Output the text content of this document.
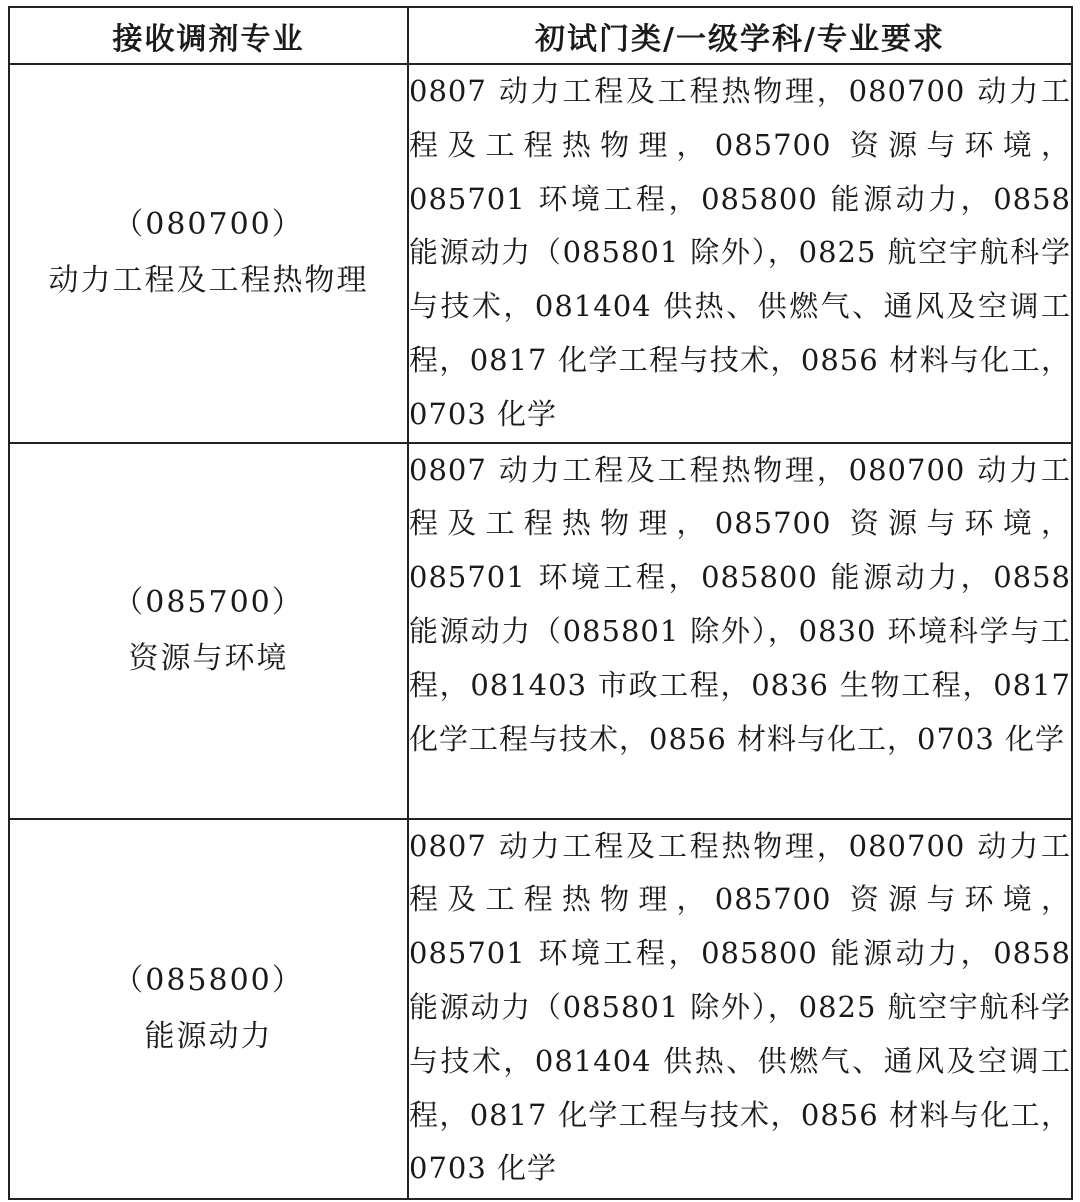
接收调剂专业	初试门类/一级学科/专业要求

（080700）
动力工程及工程热物理	0807 动力工程及工程热物理，080700 动力工程及工程热物理，085700 资源与环境，085701 环境工程，085800 能源动力，0858 能源动力（085801 除外），0825 航空宇航科学与技术，081404 供热、供燃气、通风及空调工程，0817 化学工程与技术，0856 材料与化工，0703 化学

（085700）
资源与环境	0807 动力工程及工程热物理，080700 动力工程及工程热物理，085700 资源与环境，085701 环境工程，085800 能源动力，0858 能源动力（085801 除外），0830 环境科学与工程，081403 市政工程，0836 生物工程，0817 化学工程与技术，0856 材料与化工，0703 化学

（085800）
能源动力	0807 动力工程及工程热物理，080700 动力工程及工程热物理，085700 资源与环境，085701 环境工程，085800 能源动力，0858 能源动力（085801 除外），0825 航空宇航科学与技术，081404 供热、供燃气、通风及空调工程，0817 化学工程与技术，0856 材料与化工，0703 化学
